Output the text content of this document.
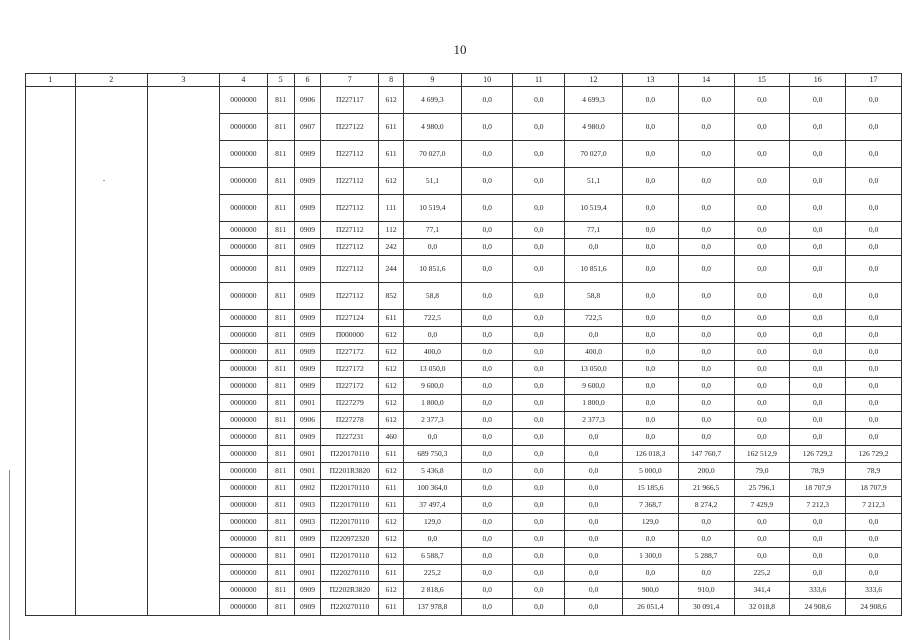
10
1	2	3	4	5	6	7	8	9	10	11	12	13	14	15	16	17
			0000000	811	0906	П227117	612	4 699,3	0,0	0,0	4 699,3	0,0	0,0	0,0	0,0	0,0
			0000000	811	0907	П227122	611	4 980,0	0,0	0,0	4 980,0	0,0	0,0	0,0	0,0	0,0
			0000000	811	0909	П227112	611	70 027,0	0,0	0,0	70 027,0	0,0	0,0	0,0	0,0	0,0
			0000000	811	0909	П227112	612	51,1	0,0	0,0	51,1	0,0	0,0	0,0	0,0	0,0
			0000000	811	0909	П227112	111	10 519,4	0,0	0,0	10 519,4	0,0	0,0	0,0	0,0	0,0
			0000000	811	0909	П227112	112	77,1	0,0	0,0	77,1	0,0	0,0	0,0	0,0	0,0
			0000000	811	0909	П227112	242	0,0	0,0	0,0	0,0	0,0	0,0	0,0	0,0	0,0
			0000000	811	0909	П227112	244	10 851,6	0,0	0,0	10 851,6	0,0	0,0	0,0	0,0	0,0
			0000000	811	0909	П227112	852	58,8	0,0	0,0	58,8	0,0	0,0	0,0	0,0	0,0
			0000000	811	0909	П227124	611	722,5	0,0	0,0	722,5	0,0	0,0	0,0	0,0	0,0
			0000000	811	0909	П000000	612	0,0	0,0	0,0	0,0	0,0	0,0	0,0	0,0	0,0
			0000000	811	0909	П227172	612	400,0	0,0	0,0	400,0	0,0	0,0	0,0	0,0	0,0
			0000000	811	0909	П227172	612	13 050,0	0,0	0,0	13 050,0	0,0	0,0	0,0	0,0	0,0
			0000000	811	0909	П227172	612	9 600,0	0,0	0,0	9 600,0	0,0	0,0	0,0	0,0	0,0
			0000000	811	0901	П227279	612	1 800,0	0,0	0,0	1 800,0	0,0	0,0	0,0	0,0	0,0
			0000000	811	0906	П227278	612	2 377,3	0,0	0,0	2 377,3	0,0	0,0	0,0	0,0	0,0
			0000000	811	0909	П227231	460	0,0	0,0	0,0	0,0	0,0	0,0	0,0	0,0	0,0
			0000000	811	0901	П220170110	611	689 750,3	0,0	0,0	0,0	126 018,3	147 760,7	162 512,9	126 729,2	126 729,2
			0000000	811	0901	П2201R3820	612	5 436,8	0,0	0,0	0,0	5 000,0	200,0	79,0	78,9	78,9
			0000000	811	0902	П220170110	611	100 364,0	0,0	0,0	0,0	15 185,6	21 966,5	25 796,1	18 707,9	18 707,9
			0000000	811	0903	П220170110	611	37 497,4	0,0	0,0	0,0	7 368,7	8 274,2	7 429,9	7 212,3	7 212,3
			0000000	811	0903	П220170110	612	129,0	0,0	0,0	0,0	129,0	0,0	0,0	0,0	0,0
			0000000	811	0909	П220972320	612	0,0	0,0	0,0	0,0	0,0	0,0	0,0	0,0	0,0
			0000000	811	0901	П220170110	612	6 588,7	0,0	0,0	0,0	1 300,0	5 288,7	0,0	0,0	0,0
			0000000	811	0901	П220270110	611	225,2	0,0	0,0	0,0	0,0	0,0	225,2	0,0	0,0
			0000000	811	0909	П2202R3820	612	2 818,6	0,0	0,0	0,0	900,0	910,0	341,4	333,6	333,6
			0000000	811	0909	П220270110	611	137 978,8	0,0	0,0	0,0	26 051,4	30 091,4	32 018,8	24 908,6	24 908,6
